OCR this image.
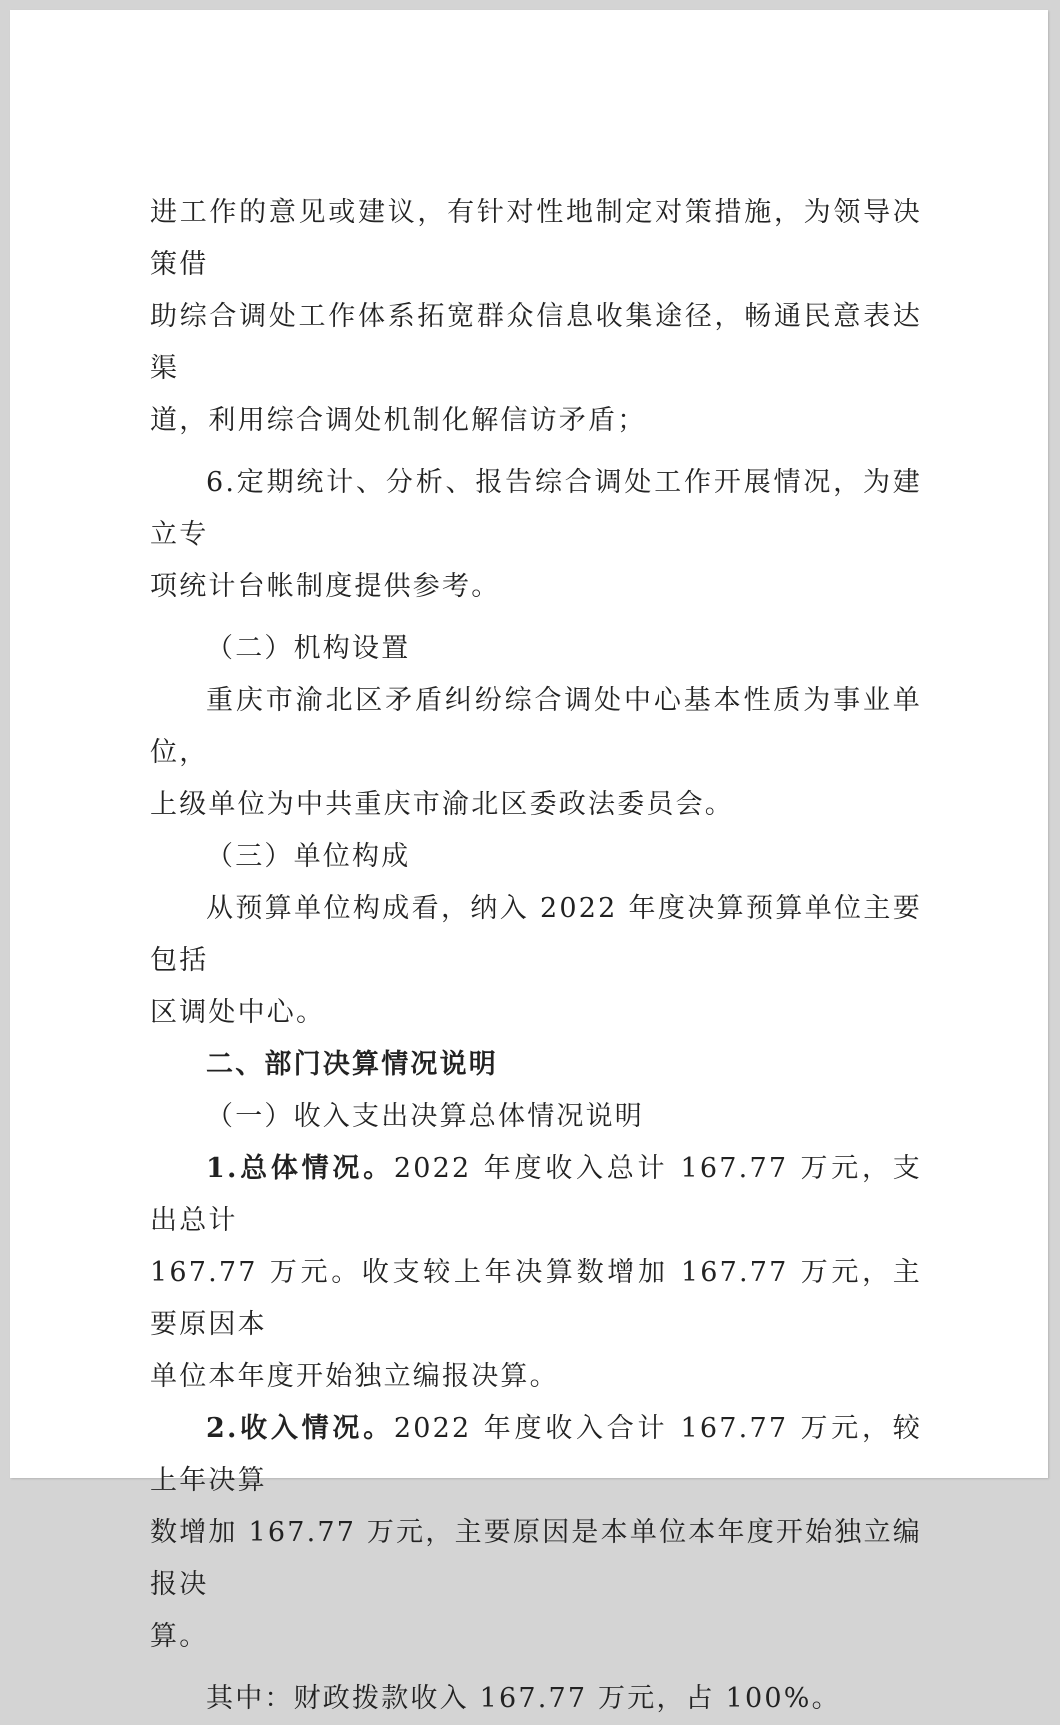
进工作的意见或建议，有针对性地制定对策措施，为领导决策借
助综合调处工作体系拓宽群众信息收集途径，畅通民意表达渠
道，利用综合调处机制化解信访矛盾；

6.定期统计、分析、报告综合调处工作开展情况，为建立专
项统计台帐制度提供参考。

（二）机构设置

重庆市渝北区矛盾纠纷综合调处中心基本性质为事业单位，
上级单位为中共重庆市渝北区委政法委员会。

（三）单位构成

从预算单位构成看，纳入 2022 年度决算预算单位主要包括
区调处中心。

二、部门决算情况说明

（一）收入支出决算总体情况说明

1.总体情况。2022 年度收入总计 167.77 万元，支出总计
167.77 万元。收支较上年决算数增加 167.77 万元，主要原因本
单位本年度开始独立编报决算。

2.收入情况。2022 年度收入合计 167.77 万元，较上年决算
数增加 167.77 万元，主要原因是本单位本年度开始独立编报决
算。

其中：财政拨款收入 167.77 万元，占 100%。
